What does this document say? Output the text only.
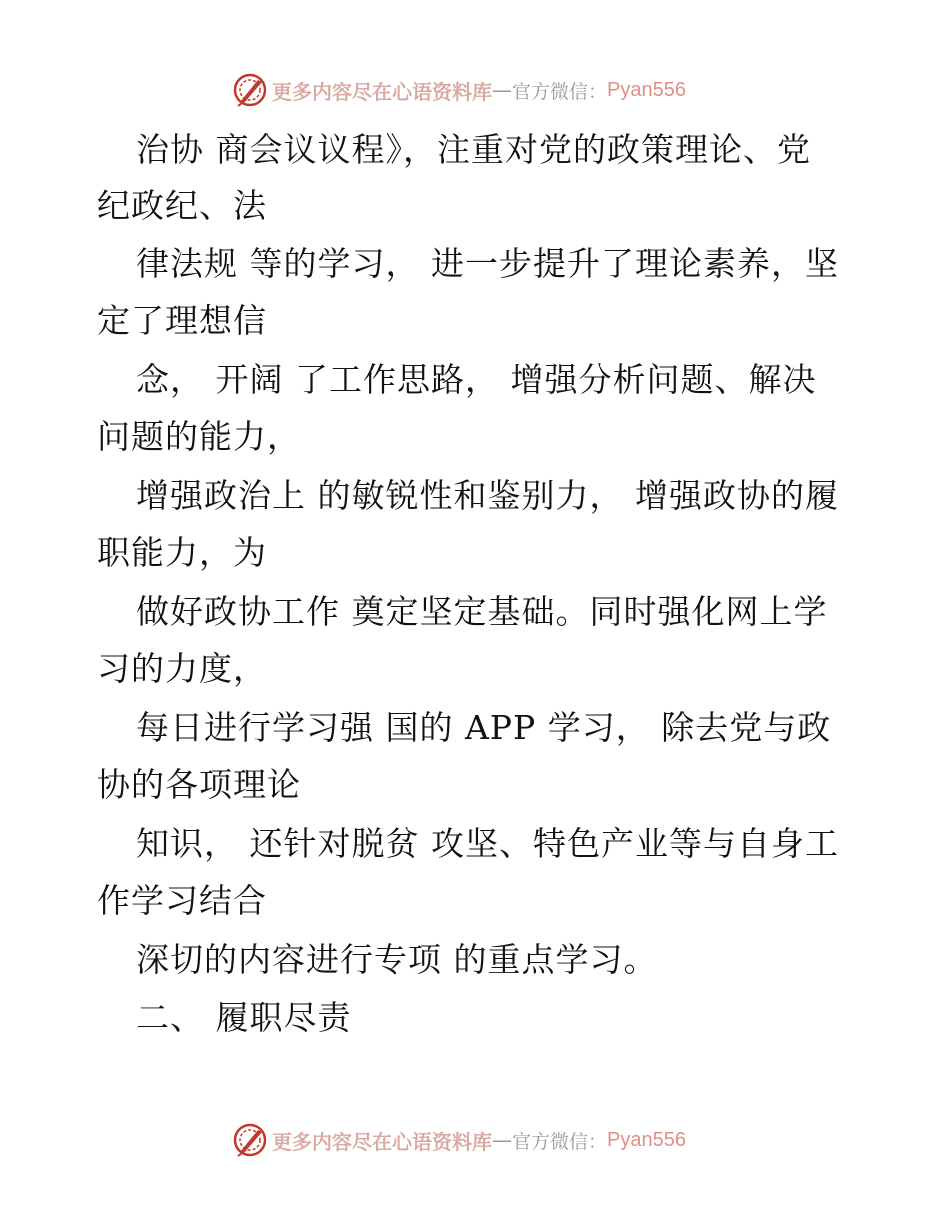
更多内容尽在心语资料库 — 官方微信： Pyan556
治协 商会议议程》，注重对党的政策理论、党
纪政纪、法
律法规 等的学习， 进一步提升了理论素养，坚
定了理想信
念， 开阔 了工作思路， 增强分析问题、解决
问题的能力，
增强政治上 的敏锐性和鉴别力， 增强政协的履
职能力，为
做好政协工作 奠定坚定基础。同时强化网上学
习的力度，
每日进行学习强 国的 APP 学习， 除去党与政
协的各项理论
知识， 还针对脱贫 攻坚、特色产业等与自身工
作学习结合
深切的内容进行专项 的重点学习。
二、 履职尽责
更多内容尽在心语资料库 — 官方微信： Pyan556
